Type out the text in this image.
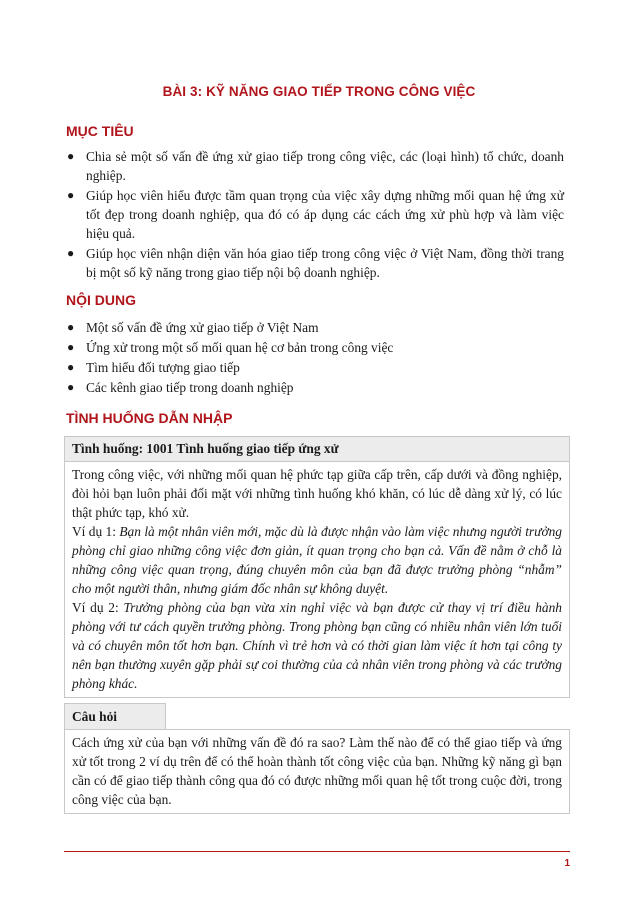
BÀI 3: KỸ NĂNG GIAO TIẾP TRONG CÔNG VIỆC
MỤC TIÊU
● Chia sẻ một số vấn đề ứng xử giao tiếp trong công việc, các (loại hình) tổ chức, doanh nghiệp.
● Giúp học viên hiểu được tầm quan trọng của việc xây dựng những mối quan hệ ứng xử tốt đẹp trong doanh nghiệp, qua đó có áp dụng các cách ứng xử phù hợp và làm việc hiệu quả.
● Giúp học viên nhận diện văn hóa giao tiếp trong công việc ở Việt Nam, đồng thời trang bị một số kỹ năng trong giao tiếp nội bộ doanh nghiệp.
NỘI DUNG
● Một số vấn đề ứng xử giao tiếp ở Việt Nam
● Ứng xử trong một số mối quan hệ cơ bản trong công việc
● Tìm hiểu đối tượng giao tiếp
● Các kênh giao tiếp trong doanh nghiệp
TÌNH HUỐNG DẪN NHẬP
Tình huống: 1001 Tình huống giao tiếp ứng xử

Trong công việc, với những mối quan hệ phức tạp giữa cấp trên, cấp dưới và đồng nghiệp, đòi hỏi bạn luôn phải đối mặt với những tình huống khó khăn, có lúc dễ dàng xử lý, có lúc thật phức tạp, khó xử.

Ví dụ 1: Bạn là một nhân viên mới, mặc dù là được nhận vào làm việc nhưng người trưởng phòng chỉ giao những công việc đơn giản, ít quan trọng cho bạn cả. Vấn đề nằm ở chỗ là những công việc quan trọng, đúng chuyên môn của bạn đã được trưởng phòng “nhẫm” cho một người thân, nhưng giám đốc nhân sự không duyệt.

Ví dụ 2: Trưởng phòng của bạn vừa xin nghỉ việc và bạn được cử thay vị trí điều hành phòng với tư cách quyền trưởng phòng. Trong phòng bạn cũng có nhiều nhân viên lớn tuổi và có chuyên môn tốt hơn bạn. Chính vì trẻ hơn và có thời gian làm việc ít hơn tại công ty nên bạn thường xuyên gặp phải sự coi thường của cả nhân viên trong phòng và các trưởng phòng khác.

Câu hỏi
Cách ứng xử của bạn với những vấn đề đó ra sao? Làm thế nào để có thể giao tiếp và ứng xử tốt trong 2 ví dụ trên để có thể hoàn thành tốt công việc của bạn. Những kỹ năng gì bạn cần có để giao tiếp thành công qua đó có được những mối quan hệ tốt trong cuộc đời, trong công việc của bạn.
1
